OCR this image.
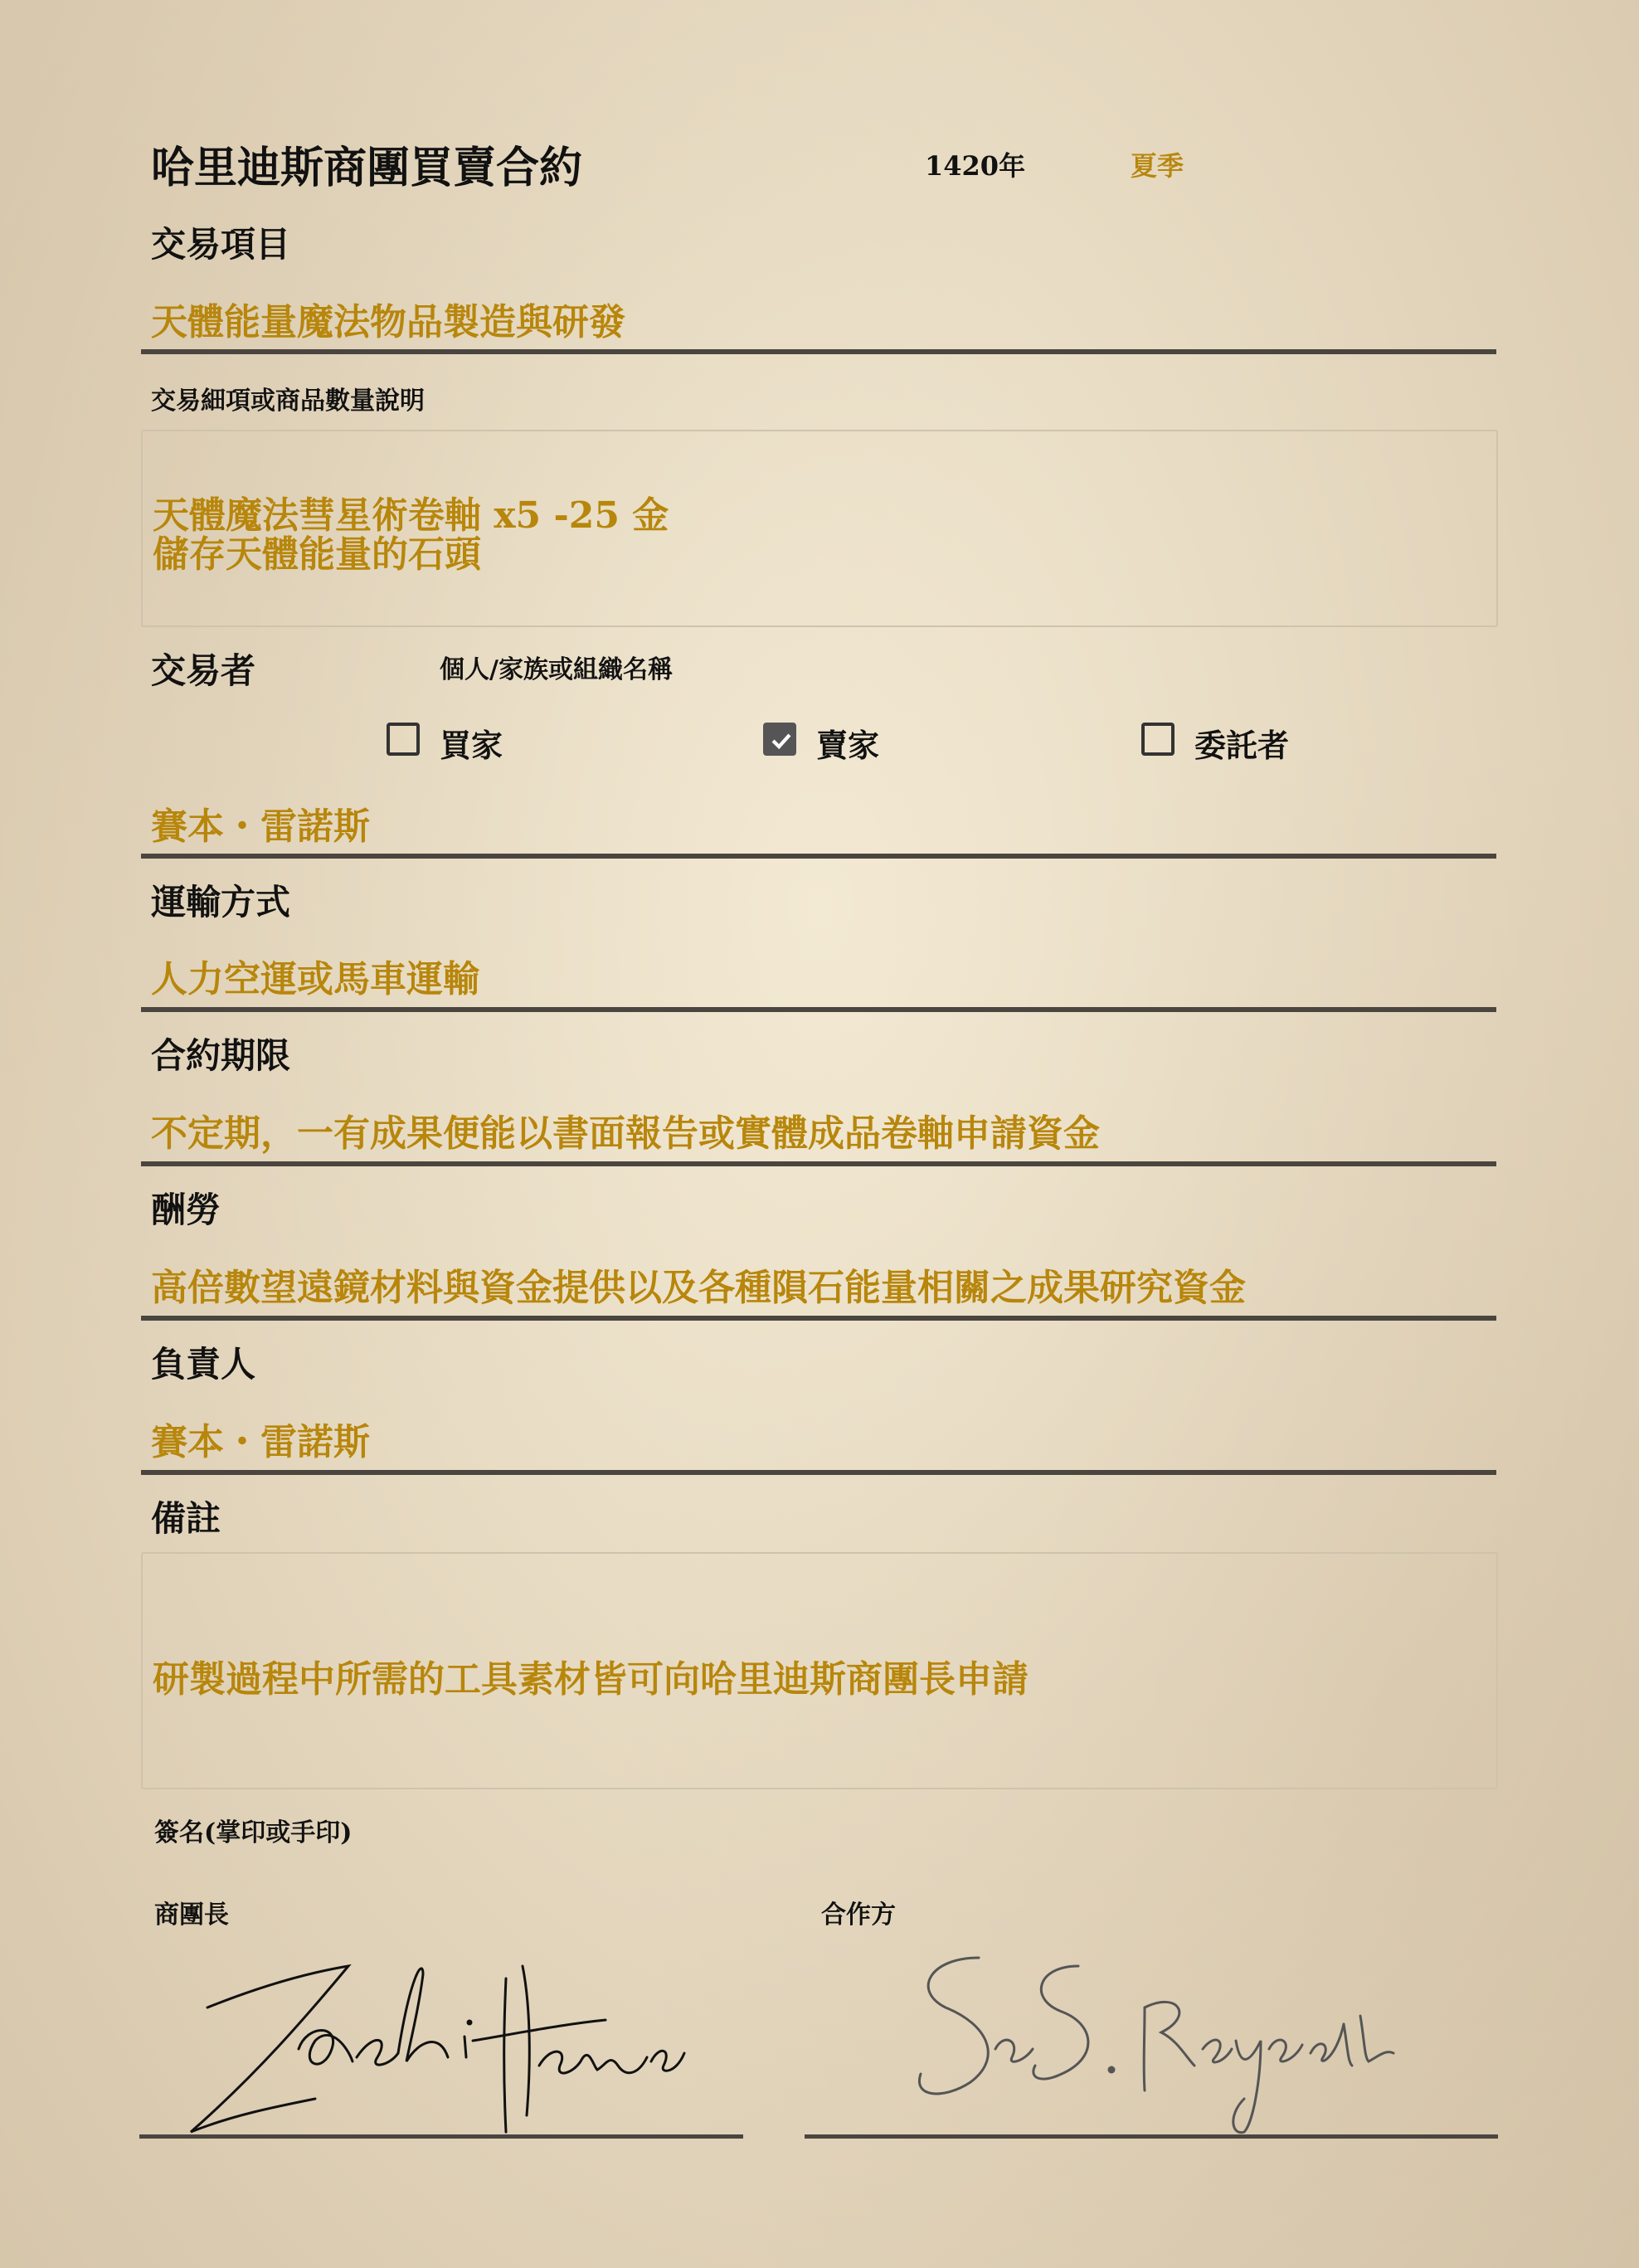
哈里迪斯商團買賣合約	1420年	夏季
交易項目
天體能量魔法物品製造與研發
交易細項或商品數量說明
天體魔法彗星術卷軸 x5 -25 金
儲存天體能量的石頭
交易者	個人/家族或組織名稱
買家	賣家	委託者
賽本・雷諾斯
運輸方式
人力空運或馬車運輸
合約期限
不定期，一有成果便能以書面報告或實體成品卷軸申請資金
酬勞
高倍數望遠鏡材料與資金提供以及各種隕石能量相關之成果研究資金
負責人
賽本・雷諾斯
備註
研製過程中所需的工具素材皆可向哈里迪斯商團長申請
簽名(掌印或手印)
商團長	合作方
